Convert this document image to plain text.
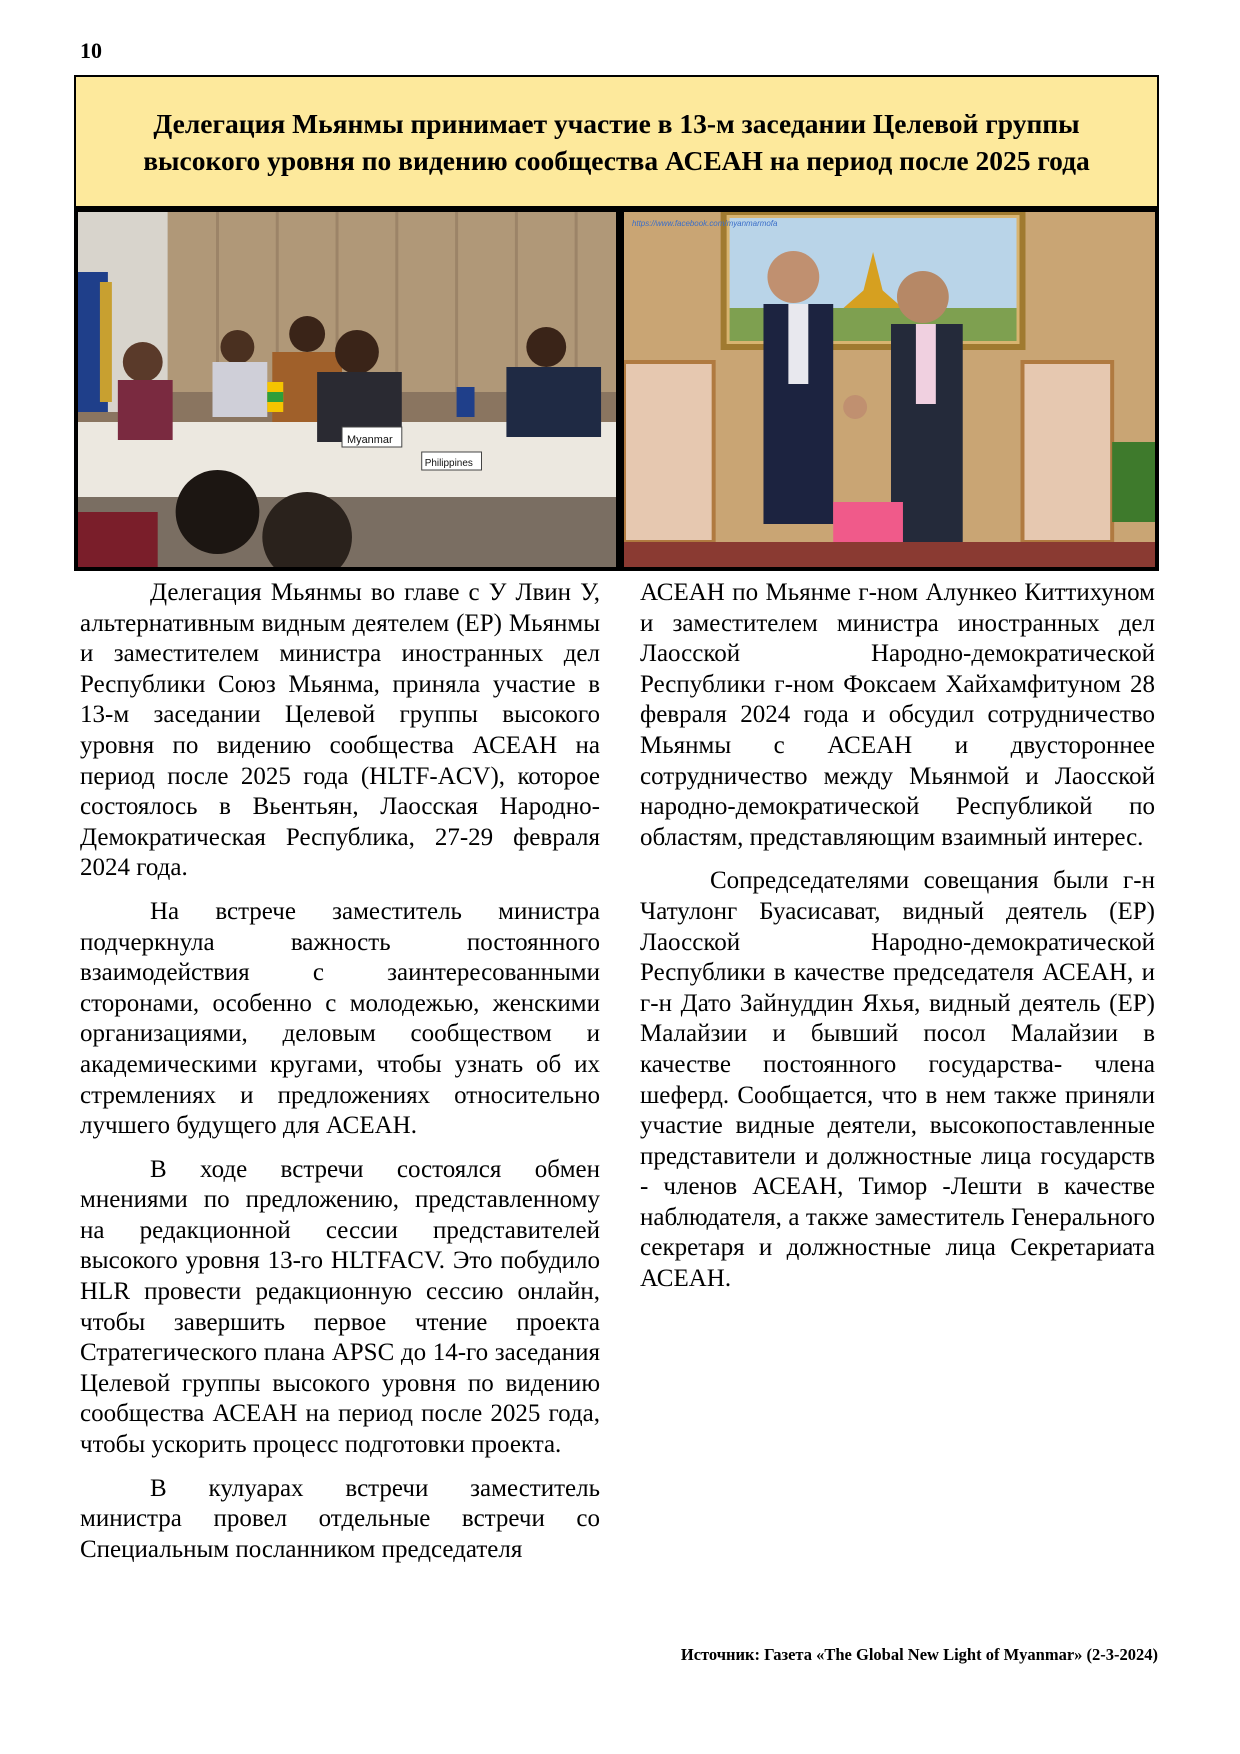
10
Делегация Мьянмы принимает участие в 13-м заседании Целевой группы высокого уровня по видению сообщества АСЕАН на период после 2025 года
Myanmar
Philippines
https://www.facebook.com/myanmarmofa

Делегация Мьянмы во главе с У Лвин У, альтернативным видным деятелем (ЕР) Мьянмы и заместителем министра иностранных дел Республики Союз Мьянма, приняла участие в 13-м заседании Целевой группы высокого уровня по видению сообщества АСЕАН на период после 2025 года (HLTF-ACV), которое состоялось в Вьентьян, Лаосская Народно-Демократическая Республика, 27-29 февраля 2024 года.

На встрече заместитель министра подчеркнула важность постоянного взаимодействия с заинтересованными сторонами, особенно с молодежью, женскими организациями, деловым сообществом и академическими кругами, чтобы узнать об их стремлениях и предложениях относительно лучшего будущего для АСЕАН.

В ходе встречи состоялся обмен мнениями по предложению, представленному на редакционной сессии представителей высокого уровня 13-го HLTFACV. Это побудило HLR провести редакционную сессию онлайн, чтобы завершить первое чтение проекта Стратегического плана APSC до 14-го заседания Целевой группы высокого уровня по видению сообщества АСЕАН на период после 2025 года, чтобы ускорить процесс подготовки проекта.

В кулуарах встречи заместитель министра провел отдельные встречи со Специальным посланником председателя

АСЕАН по Мьянме г-ном Алункео Киттихуном и заместителем министра иностранных дел Лаосской Народно-демократической Республики г-ном Фоксаем Хайхамфитуном 28 февраля 2024 года и обсудил сотрудничество Мьянмы с АСЕАН и двустороннее сотрудничество между Мьянмой и Лаосской народно-демократической Республикой по областям, представляющим взаимный интерес.

Сопредседателями совещания были г-н Чатулонг Буасисават, видный деятель (ЕР) Лаосской Народно-демократической Республики в качестве председателя АСЕАН, и г-н Дато Зайнуддин Яхья, видный деятель (ЕР) Малайзии и бывший посол Малайзии в качестве постоянного государства- члена шеферд. Сообщается, что в нем также приняли участие видные деятели, высокопоставленные представители и должностные лица государств - членов АСЕАН, Тимор -Лешти в качестве наблюдателя, а также заместитель Генерального секретаря и должностные лица Секретариата АСЕАН.

Источник: Газета «The Global New Light of Myanmar» (2-3-2024)
